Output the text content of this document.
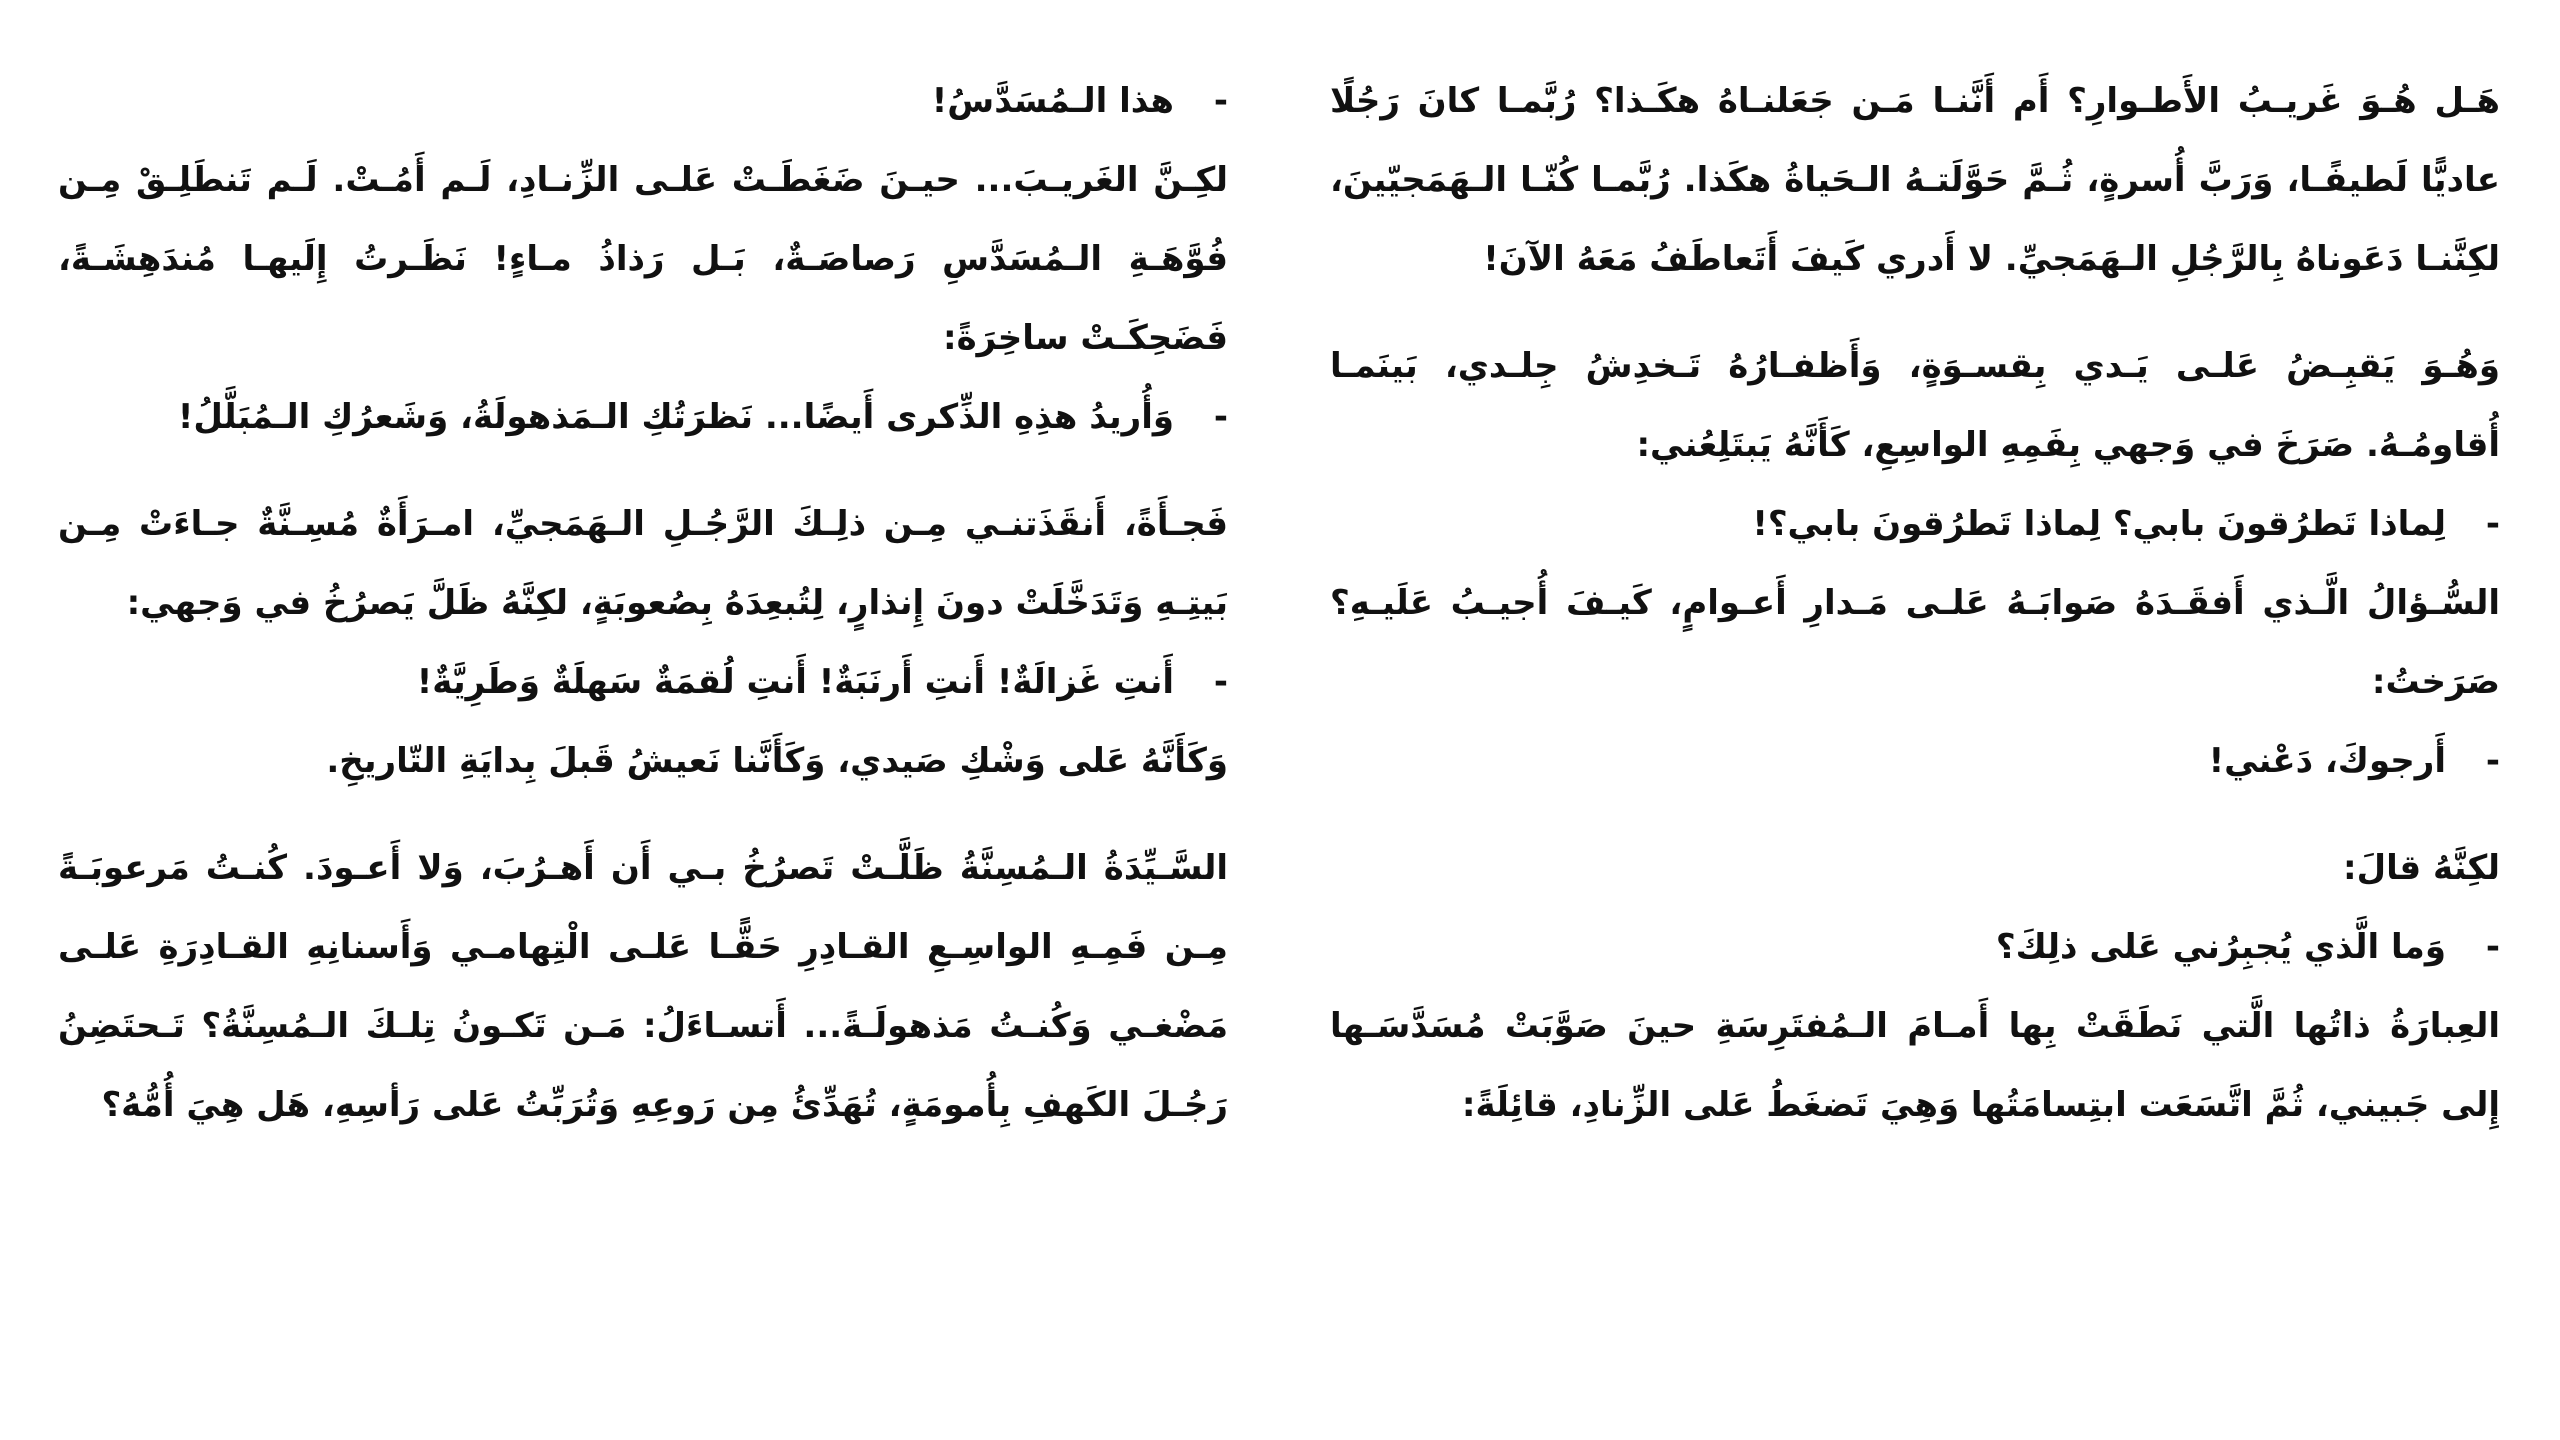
هَـل هُـوَ غَريـبُ الأَطـوارِ؟ أَم أَنَّنـا مَـن جَعَلنـاهُ هكَـذا؟ رُبَّمـا كانَ رَجُلًا عاديًّا لَطيفًـا، وَرَبَّ أُسرةٍ، ثُـمَّ حَوَّلَتـهُ الـحَياةُ هكَذا. رُبَّمـا كُنّـا الـهَمَجيّينَ، لكِنَّنـا دَعَوناهُ بِالرَّجُلِ الـهَمَجيِّ. لا أَدري كَيفَ أَتَعاطَفُ مَعَهُ الآنَ!

وَهُـوَ يَقبِـضُ عَلـى يَـدي بِقسـوَةٍ، وَأَظفـارُهُ تَـخدِشُ جِلـدي، بَينَمـا أُقاومُـهُ. صَرَخَ في وَجهي بِفَمِهِ الواسِعِ، كَأَنَّهُ يَبتَلِعُني:

- لِماذا تَطرُقونَ بابي؟ لِماذا تَطرُقونَ بابي؟!

السُّـؤالُ الَّـذي أَفقَـدَهُ صَوابَـهُ عَلـى مَـدارِ أَعـوامٍ، كَيـفَ أُجيـبُ عَلَيـهِ؟ صَرَختُ:

- أَرجوكَ، دَعْني!

لكِنَّهُ قالَ:

- وَما الَّذي يُجبِرُني عَلى ذلِكَ؟

العِبارَةُ ذاتُها الَّتي نَطَقَتْ بِها أَمـامَ الـمُفتَرِسَةِ حينَ صَوَّبَتْ مُسَدَّسَـها إِلى جَبيني، ثُمَّ اتَّسَعَت ابتِسامَتُها وَهِيَ تَضغَطُ عَلى الزِّنادِ، قائِلَةً:

- هذا الـمُسَدَّسُ!

لكِـنَّ الغَريـبَ... حيـنَ ضَغَطَـتْ عَلـى الزِّنـادِ، لَـم أَمُـتْ. لَـم تَنطَلِـقْ مِـن فُوَّهَـةِ الـمُسَدَّسِ رَصاصَـةٌ، بَـل رَذاذُ مـاءٍ! نَظَـرتُ إِلَيهـا مُندَهِشَـةً، فَضَحِكَـتْ ساخِرَةً:

- وَأُريدُ هذِهِ الذِّكرى أَيضًا... نَظرَتُكِ الـمَذهولَةُ، وَشَعرُكِ الـمُبَلَّلُ!

فَجـأَةً، أَنقَذَتنـي مِـن ذلِـكَ الرَّجُـلِ الـهَمَجيِّ، امـرَأَةٌ مُسِـنَّةٌ جـاءَتْ مِـن بَيتِـهِ وَتَدَخَّلَتْ دونَ إِنذارٍ، لِتُبعِدَهُ بِصُعوبَةٍ، لكِنَّهُ ظَلَّ يَصرُخُ في وَجهي:

- أَنتِ غَزالَةٌ! أَنتِ أَرنَبَةٌ! أَنتِ لُقمَةٌ سَهلَةٌ وَطَرِيَّةٌ!

وَكَأَنَّهُ عَلى وَشْكِ صَيدي، وَكَأَنَّنا نَعيشُ قَبلَ بِدايَةِ التّاريخِ.

السَّـيِّدَةُ الـمُسِنَّةُ ظَلَّـتْ تَصرُخُ بـي أَن أَهـرُبَ، وَلا أَعـودَ. كُنـتُ مَرعوبَـةً مِـن فَمِـهِ الواسِـعِ القـادِرِ حَقًّـا عَلـى الْتِهامـي وَأَسنانِهِ القـادِرَةِ عَلـى مَضْغـي وَكُنـتُ مَذهولَـةً... أَتسـاءَلُ: مَـن تَكـونُ تِلـكَ الـمُسِنَّةُ؟ تَـحتَضِنُ رَجُـلَ الكَهفِ بِأُمومَةٍ، تُهَدِّئُ مِن رَوعِهِ وَتُرَبِّتُ عَلى رَأسِهِ، هَل هِيَ أُمُّهُ؟
